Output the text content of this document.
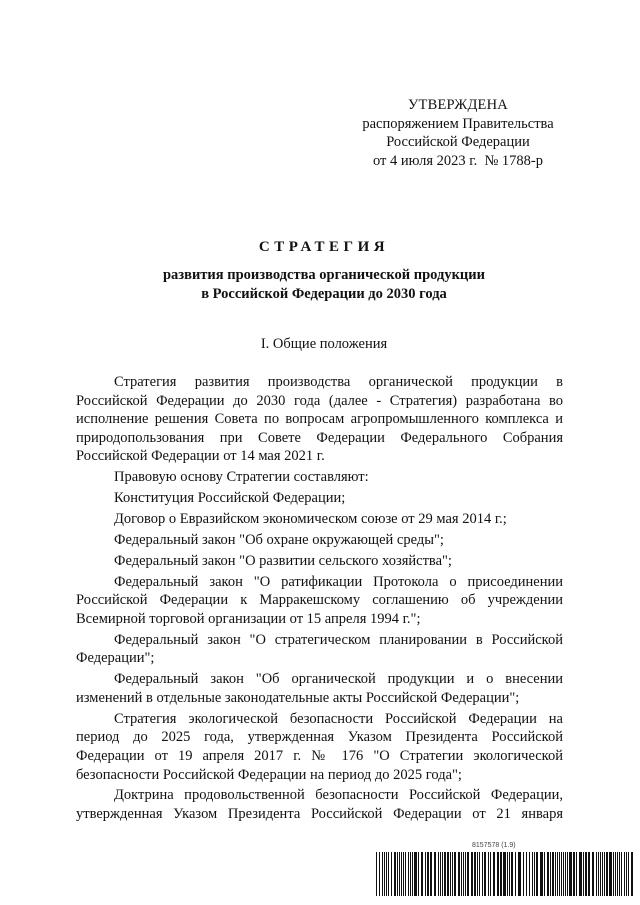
УТВЕРЖДЕНА
распоряжением Правительства
Российской Федерации
от 4 июля 2023 г.  № 1788-р
СТРАТЕГИЯ
развития производства органической продукции
в Российской Федерации до 2030 года
I. Общие положения

Стратегия развития производства органической продукции в Российской Федерации до 2030 года (далее - Стратегия) разработана во исполнение решения Совета по вопросам агропромышленного комплекса и природопользования при Совете Федерации Федерального Собрания Российской Федерации от 14 мая 2021 г.

Правовую основу Стратегии составляют:

Конституция Российской Федерации;

Договор о Евразийском экономическом союзе от 29 мая 2014 г.;

Федеральный закон "Об охране окружающей среды";

Федеральный закон "О развитии сельского хозяйства";

Федеральный закон "О ратификации Протокола о присоединении Российской Федерации к Марракешскому соглашению об учреждении Всемирной торговой организации от 15 апреля 1994 г.";

Федеральный закон "О стратегическом планировании в Российской Федерации";

Федеральный закон "Об органической продукции и о внесении изменений в отдельные законодательные акты Российской Федерации";

Стратегия экологической безопасности Российской Федерации на период до 2025 года, утвержденная Указом Президента Российской Федерации от 19 апреля 2017 г. № 176 "О Стратегии экологической безопасности Российской Федерации на период до 2025 года";

Доктрина продовольственной безопасности Российской Федерации, утвержденная Указом Президента Российской Федерации от 21 января

8157578 (1.9)
